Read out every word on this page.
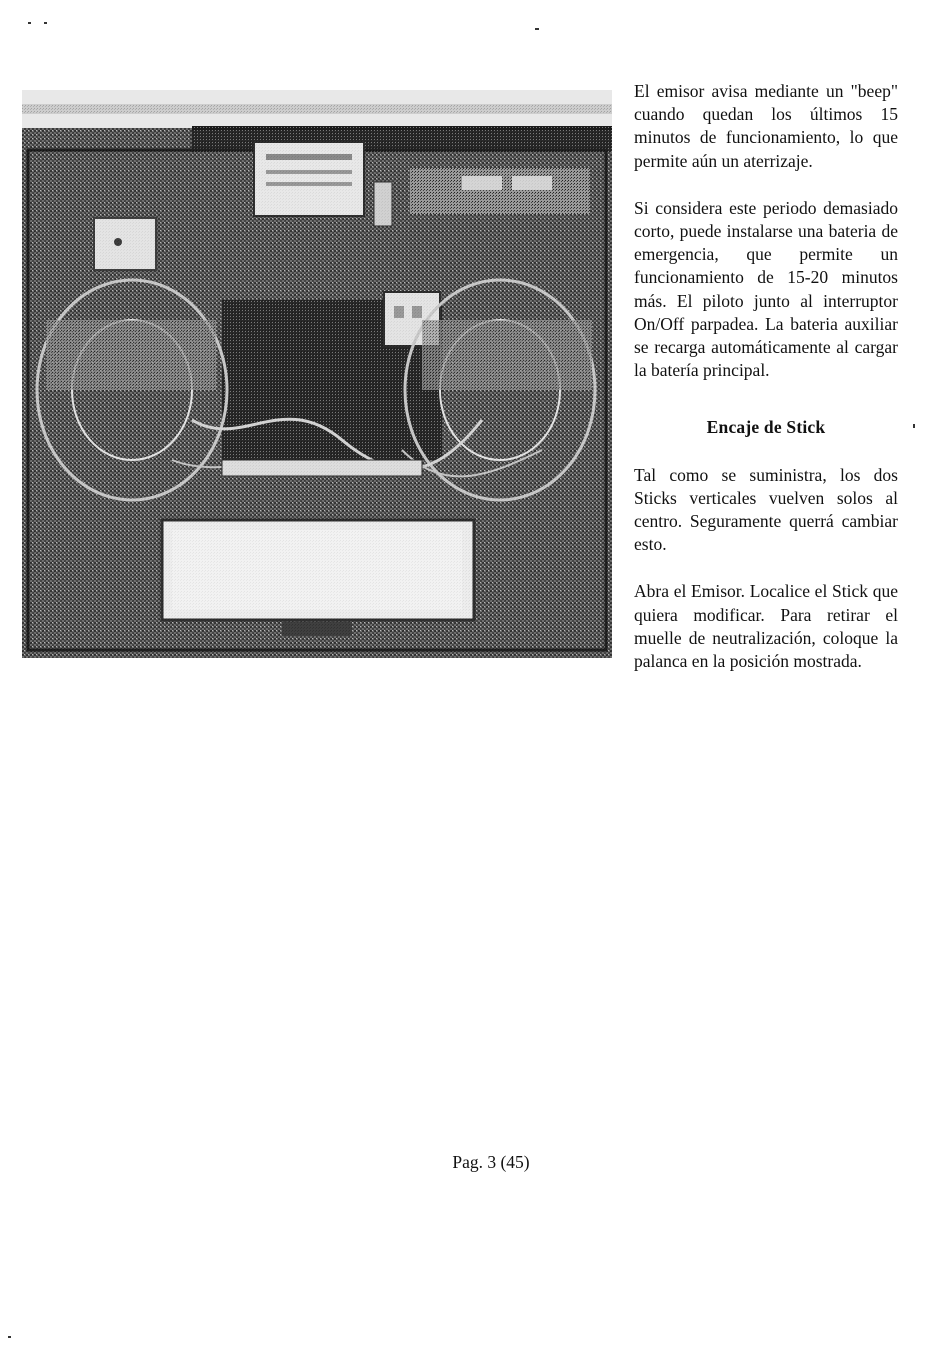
El emisor avisa mediante un "beep" cuando quedan los últimos 15 minutos de funcionamiento, lo que permite aún un aterrizaje.

Si considera este periodo demasiado corto, puede instalarse una bateria de emergencia, que permite un funcionamiento de 15-20 minutos más. El piloto junto al interruptor On/Off parpadea. La bateria auxiliar se recarga automáticamente al cargar la batería principal.

Encaje de Stick

Tal como se suministra, los dos Sticks verticales vuelven solos al centro. Seguramente querrá cambiar esto.

Abra el Emisor. Localice el Stick que quiera modificar. Para retirar el muelle de neutralización, coloque la palanca en la posición mostrada.

Pag. 3 (45)
